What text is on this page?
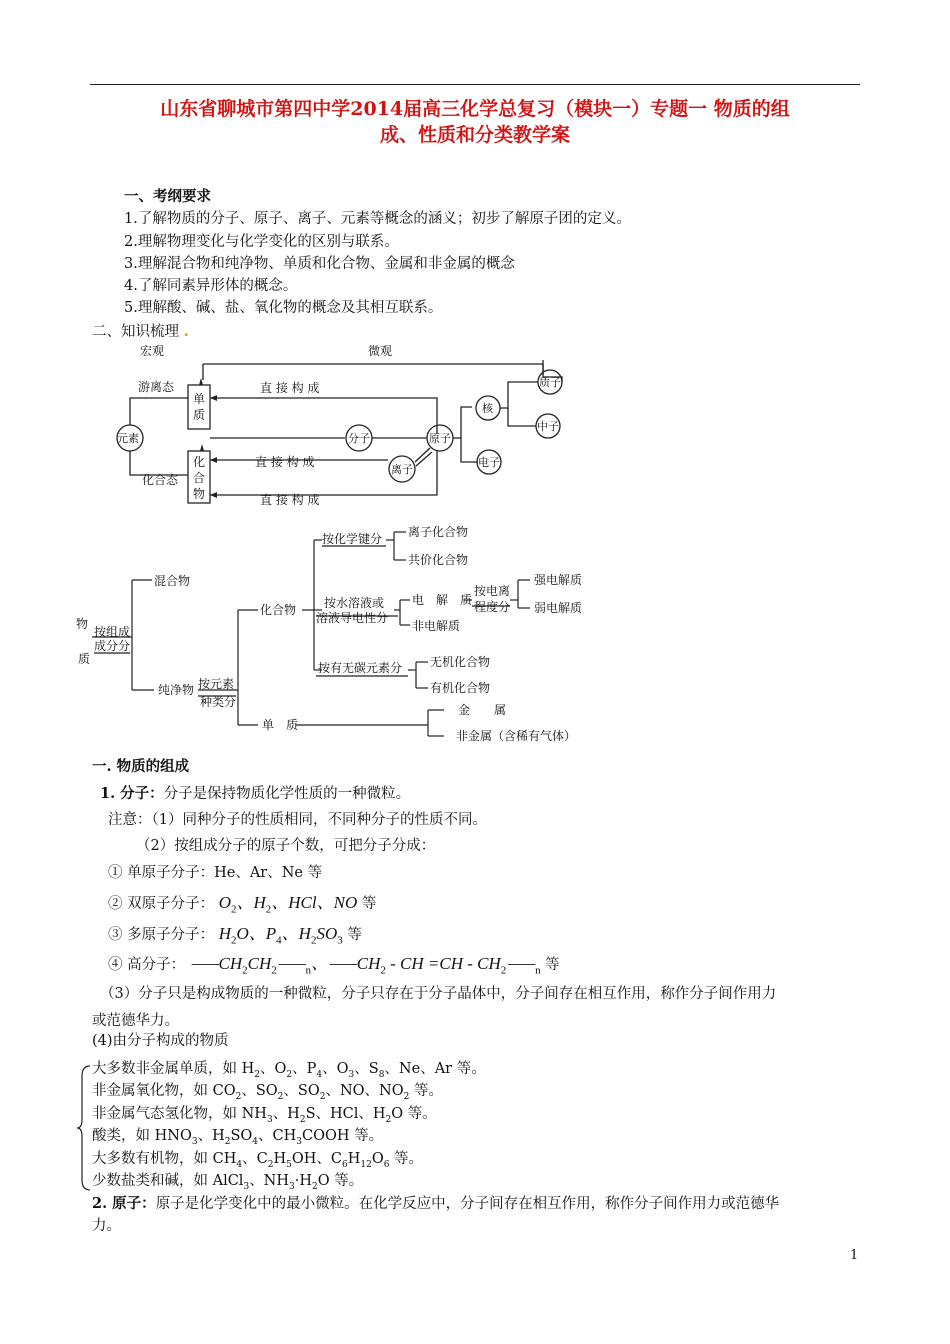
山东省聊城市第四中学2014届高三化学总复习（模块一）专题一 物质的组
成、性质和分类教学案
一、考纲要求
1.了解物质的分子、原子、离子、元素等概念的涵义；初步了解原子团的定义。
2.理解物理变化与化学变化的区别与联系。
3.理解混合物和纯净物、单质和化合物、金属和非金属的概念
4.了解同素异形体的概念。
5.理解酸、碱、盐、氧化物的概念及其相互联系。
二、知识梳理 .
宏观	微观
游离态
化合态
元素
单
质
化
合
物
直 接 构 成
直 接 构 成
直 接 构 成
分子	原子
离子
核
质子
中子
电子
物
质
按组成
成分分
混合物
纯净物 按元素
种类分
化合物
单　质
按化学键分 离子化合物
共价化合物
按水溶液或
溶液导电性分
电　解　质
非电解质
按电离
程度分
强电解质
弱电解质
按有无碳元素分 无机化合物
有机化合物
金　　属
非金属（含稀有气体）
一. 物质的组成
1. 分子：分子是保持物质化学性质的一种微粒。
注意：（1）同种分子的性质相同，不同种分子的性质不同。
（2）按组成分子的原子个数，可把分子分成：
① 单原子分子：He、Ar、Ne 等
② 双原子分子： $O_2$、$H_2$、HCl、NO 等
③ 多原子分子： $H_2O$、$P_4$、$H_2SO_3$ 等
④ 高分子： $⸺CH_2CH_2⸺_n$、$⸺CH_2$ - CH $=CH - CH_2⸺_n$ 等
（3）分子只是构成物质的一种微粒，分子只存在于分子晶体中，分子间存在相互作用，称作分子间作用力
或范德华力。
(4)由分子构成的物质
大多数非金属单质，如 $H_2$、$O_2$、$P_4$、$O_3$、$S_8$、Ne、Ar 等。
非金属氧化物，如 $CO_2$、$SO_2$、$SO_2$、NO、$NO_2$ 等。
非金属气态氢化物，如 $NH_3$、$H_2S$、HCl、$H_2O$ 等。
酸类，如 $HNO_3$、$H_2SO_4$、$CH_3COOH$ 等。
大多数有机物，如 $CH_4$、$C_2H_5OH$、$C_6H_{12}O_6$ 等。
少数盐类和碱，如 AlCl$_3$、$NH_3\cdot H_2O$ 等。
2. 原子：原子是化学变化中的最小微粒。在化学反应中，分子间存在相互作用，称作分子间作用力或范德华
力。
1
